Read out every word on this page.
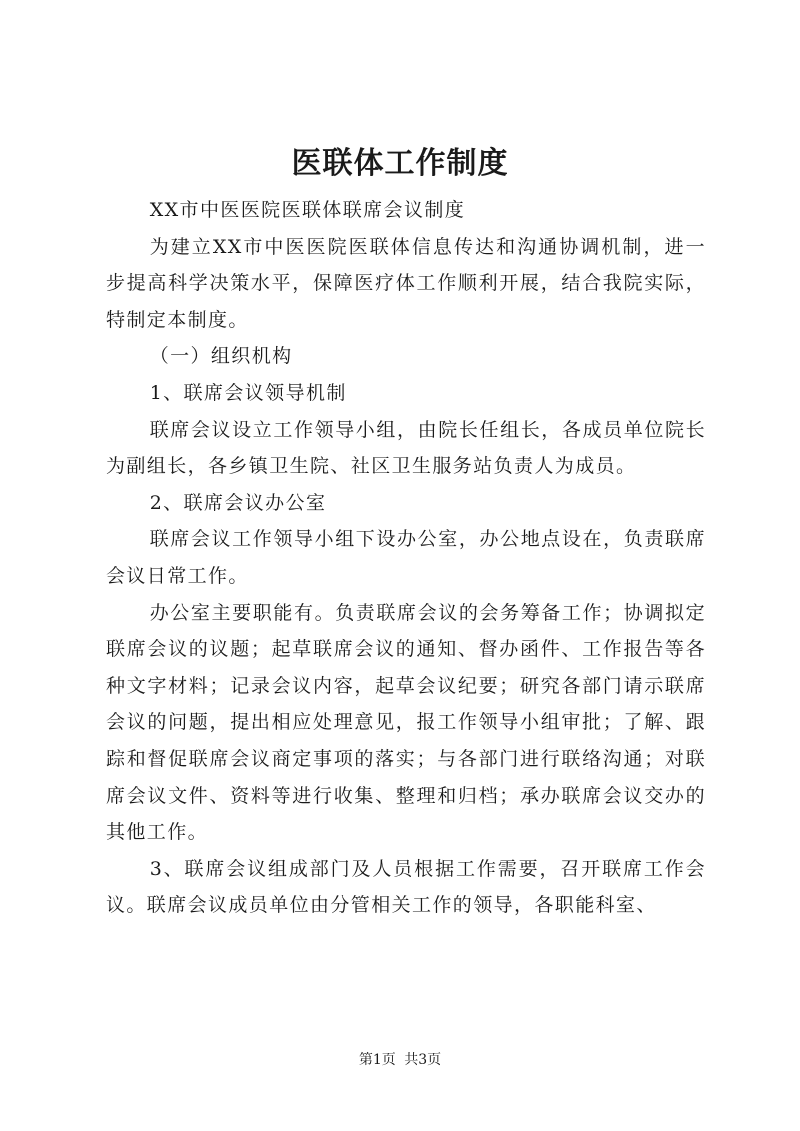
医联体工作制度

XX市中医医院医联体联席会议制度

为建立XX市中医医院医联体信息传达和沟通协调机制，进一步提高科学决策水平，保障医疗体工作顺利开展，结合我院实际，特制定本制度。

（一）组织机构

1、联席会议领导机制

联席会议设立工作领导小组，由院长任组长，各成员单位院长为副组长，各乡镇卫生院、社区卫生服务站负责人为成员。

2、联席会议办公室

联席会议工作领导小组下设办公室，办公地点设在，负责联席会议日常工作。

办公室主要职能有。负责联席会议的会务筹备工作；协调拟定联席会议的议题；起草联席会议的通知、督办函件、工作报告等各种文字材料；记录会议内容，起草会议纪要；研究各部门请示联席会议的问题，提出相应处理意见，报工作领导小组审批；了解、跟踪和督促联席会议商定事项的落实；与各部门进行联络沟通；对联席会议文件、资料等进行收集、整理和归档；承办联席会议交办的其他工作。

3、联席会议组成部门及人员根据工作需要，召开联席工作会议。联席会议成员单位由分管相关工作的领导，各职能科室、

第1页 共3页
